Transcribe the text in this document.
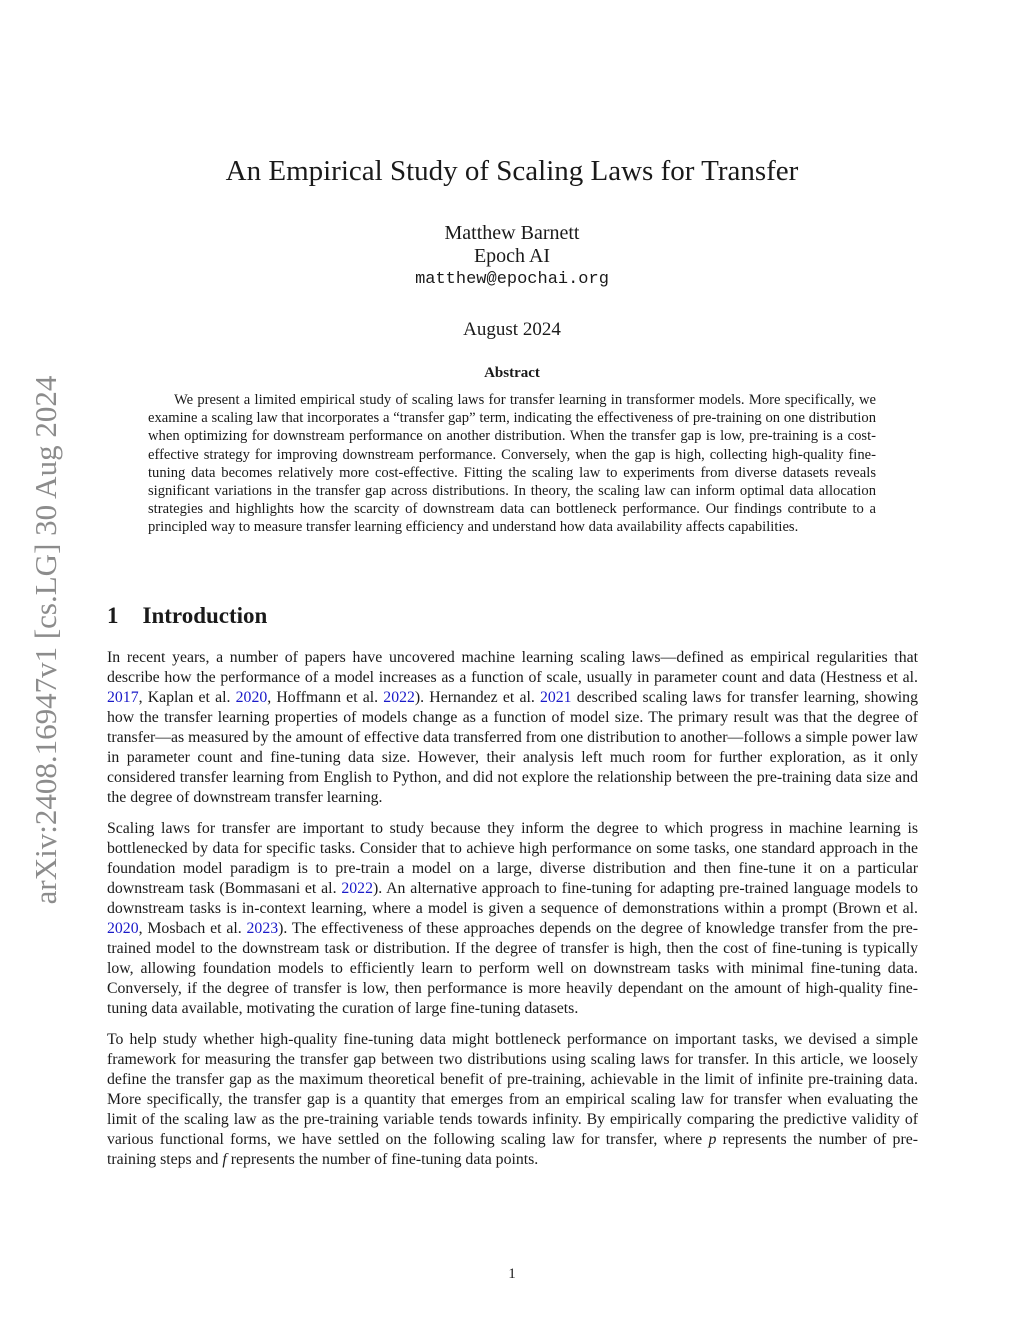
arXiv:2408.16947v1 [cs.LG] 30 Aug 2024
An Empirical Study of Scaling Laws for Transfer
Matthew Barnett
Epoch AI
matthew@epochai.org
August 2024
Abstract

We present a limited empirical study of scaling laws for transfer learning in transformer models. More specifically, we examine a scaling law that incorporates a “transfer gap” term, indicating the effectiveness of pre-training on one distribution when optimizing for downstream performance on another distribution. When the transfer gap is low, pre-training is a cost-effective strategy for improving downstream performance. Conversely, when the gap is high, collecting high-quality fine-tuning data becomes relatively more cost-effective. Fitting the scaling law to experiments from diverse datasets reveals significant variations in the transfer gap across distributions. In theory, the scaling law can inform optimal data allocation strategies and highlights how the scarcity of downstream data can bottleneck performance. Our findings contribute to a principled way to measure transfer learning efficiency and understand how data availability affects capabilities.

1 Introduction

In recent years, a number of papers have uncovered machine learning scaling laws—defined as empirical regularities that describe how the performance of a model increases as a function of scale, usually in parameter count and data (Hestness et al. 2017, Kaplan et al. 2020, Hoffmann et al. 2022). Hernandez et al. 2021 described scaling laws for transfer learning, showing how the transfer learning properties of models change as a function of model size. The primary result was that the degree of transfer—as measured by the amount of effective data transferred from one distribution to another—follows a simple power law in parameter count and fine-tuning data size. However, their analysis left much room for further exploration, as it only considered transfer learning from English to Python, and did not explore the relationship between the pre-training data size and the degree of downstream transfer learning.

Scaling laws for transfer are important to study because they inform the degree to which progress in machine learning is bottlenecked by data for specific tasks. Consider that to achieve high performance on some tasks, one standard approach in the foundation model paradigm is to pre-train a model on a large, diverse distribution and then fine-tune it on a particular downstream task (Bommasani et al. 2022). An alternative approach to fine-tuning for adapting pre-trained language models to downstream tasks is in-context learning, where a model is given a sequence of demonstrations within a prompt (Brown et al. 2020, Mosbach et al. 2023). The effectiveness of these approaches depends on the degree of knowledge transfer from the pre-trained model to the downstream task or distribution. If the degree of transfer is high, then the cost of fine-tuning is typically low, allowing foundation models to efficiently learn to perform well on downstream tasks with minimal fine-tuning data. Conversely, if the degree of transfer is low, then performance is more heavily dependant on the amount of high-quality fine-tuning data available, motivating the curation of large fine-tuning datasets.

To help study whether high-quality fine-tuning data might bottleneck performance on important tasks, we devised a simple framework for measuring the transfer gap between two distributions using scaling laws for transfer. In this article, we loosely define the transfer gap as the maximum theoretical benefit of pre-training, achievable in the limit of infinite pre-training data. More specifically, the transfer gap is a quantity that emerges from an empirical scaling law for transfer when evaluating the limit of the scaling law as the pre-training variable tends towards infinity. By empirically comparing the predictive validity of various functional forms, we have settled on the following scaling law for transfer, where p represents the number of pre-training steps and f represents the number of fine-tuning data points.

1
